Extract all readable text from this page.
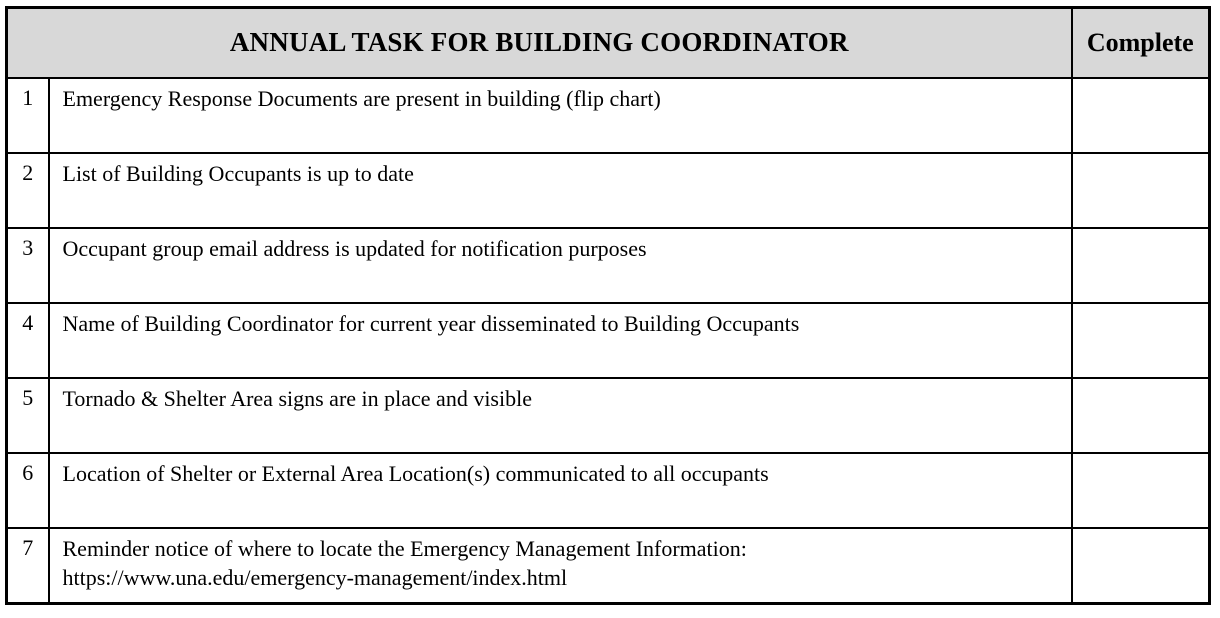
ANNUAL TASK FOR BUILDING COORDINATOR		Complete
1	Emergency Response Documents are present in building (flip chart)	

2	List of Building Occupants is up to date	

3	Occupant group email address is updated for notification purposes	

4	Name of Building Coordinator for current year disseminated to Building Occupants	

5	Tornado & Shelter Area signs are in place and visible	

6	Location of Shelter or External Area Location(s) communicated to all occupants	

7	Reminder notice of where to locate the Emergency Management Information:
https://www.una.edu/emergency-management/index.html	
